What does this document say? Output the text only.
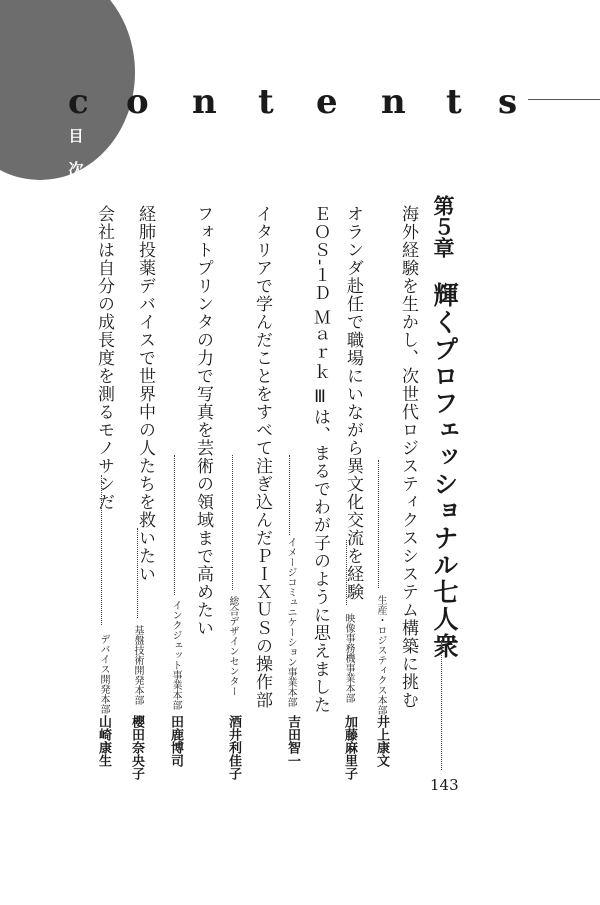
c o n t e n t s
目
次
第５章
輝くプロフェッショナル七人衆
143
海外経験を生かし、次世代ロジスティクスシステム構築に挑む
生産・ロジスティクス本部
井上康文
オランダ赴任で職場にいながら異文化交流を経験
映像事務機事業本部
加藤麻里子
ＥＯＳ‐１Ｄ Ｍａｒｋ Ⅲは、まるでわが子のように思えました
イメージコミュニケーション事業本部
吉田智一
イタリアで学んだことをすべて注ぎ込んだＰＩＸＵＳの操作部
総合デザインセンター
酒井利佳子
フォトプリンタの力で写真を芸術の領域まで高めたい
インクジェット事業本部
田鹿博司
経肺投薬デバイスで世界中の人たちを救いたい
基盤技術開発本部
櫻田奈央子
会社は自分の成長度を測るモノサシだ
デバイス開発本部
山崎康生
